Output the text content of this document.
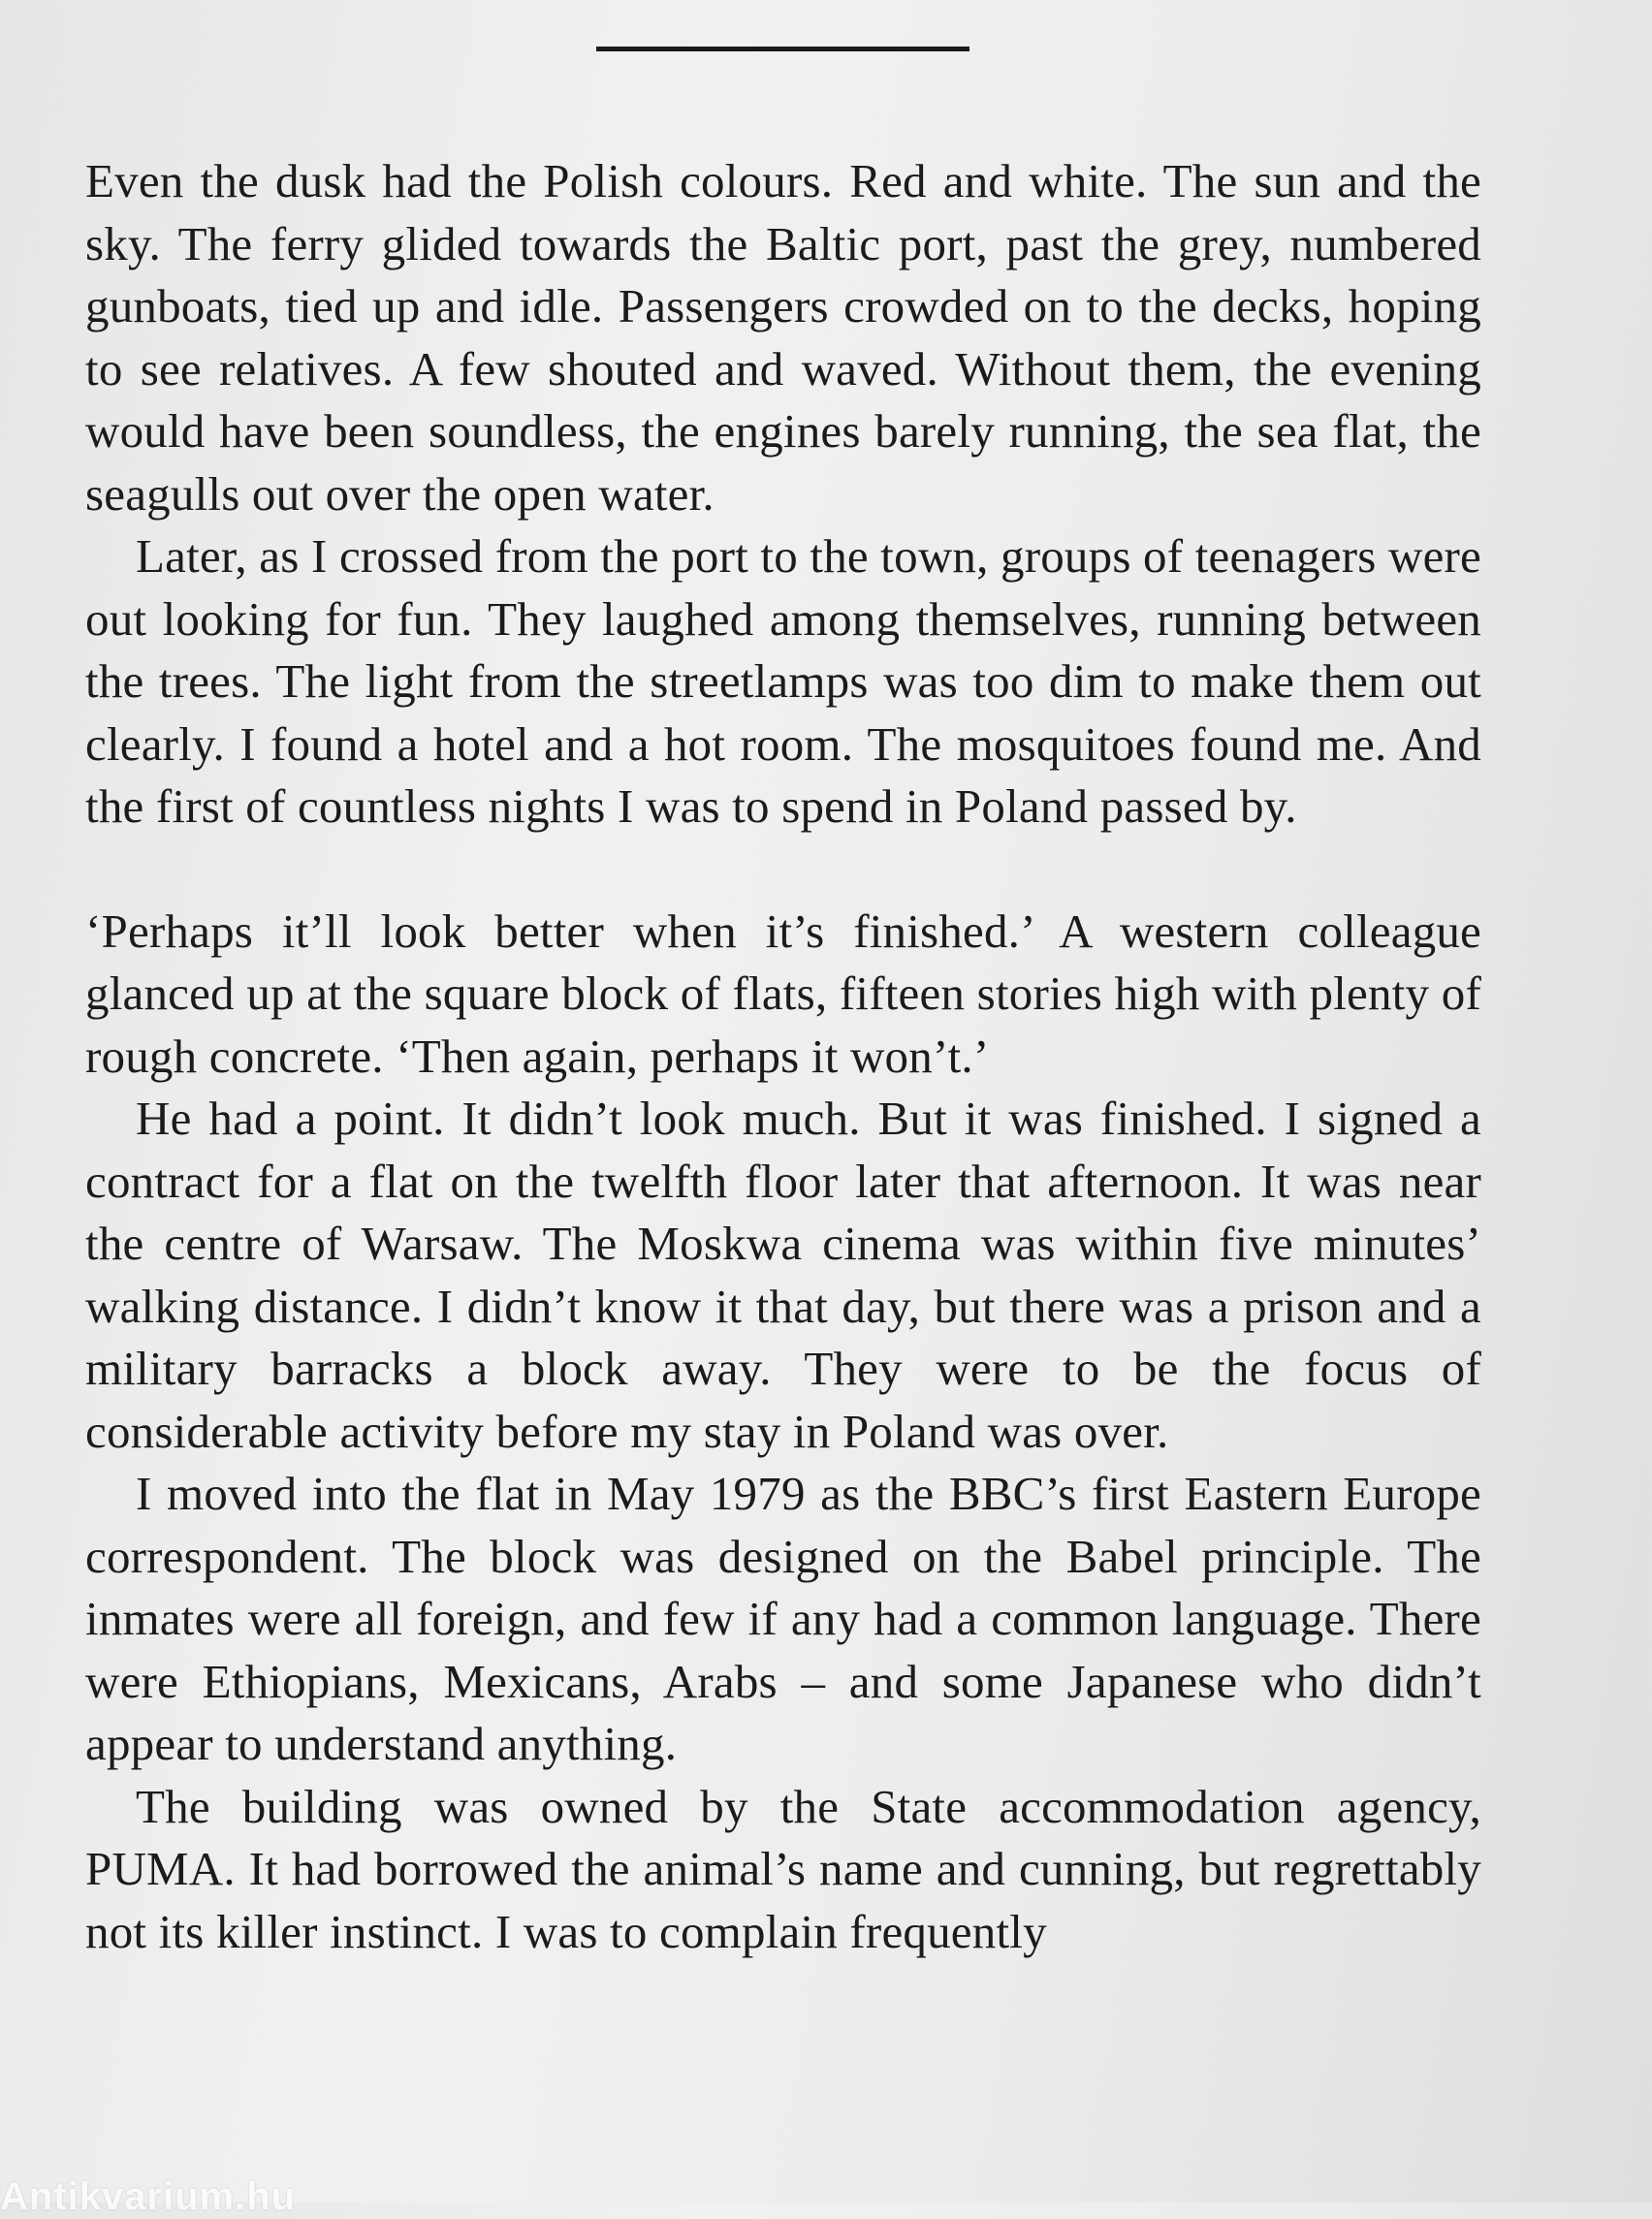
Even the dusk had the Polish colours. Red and white. The sun and the sky. The ferry glided towards the Baltic port, past the grey, numbered gunboats, tied up and idle. Passengers crowded on to the decks, hoping to see relatives. A few shouted and waved. Without them, the evening would have been soundless, the engines barely running, the sea flat, the seagulls out over the open water.

Later, as I crossed from the port to the town, groups of teenagers were out looking for fun. They laughed among themselves, running between the trees. The light from the streetlamps was too dim to make them out clearly. I found a hotel and a hot room. The mosquitoes found me. And the first of countless nights I was to spend in Poland passed by.

‘Perhaps it’ll look better when it’s finished.’ A western colleague glanced up at the square block of flats, fifteen stories high with plenty of rough concrete. ‘Then again, perhaps it won’t.’

He had a point. It didn’t look much. But it was finished. I signed a contract for a flat on the twelfth floor later that afternoon. It was near the centre of Warsaw. The Moskwa cinema was within five minutes’ walking distance. I didn’t know it that day, but there was a prison and a military barracks a block away. They were to be the focus of considerable activity before my stay in Poland was over.

I moved into the flat in May 1979 as the BBC’s first Eastern Europe correspondent. The block was designed on the Babel principle. The inmates were all foreign, and few if any had a common language. There were Ethiopians, Mexicans, Arabs – and some Japanese who didn’t appear to understand anything.

The building was owned by the State accommodation agency, PUMA. It had borrowed the animal’s name and cunning, but regrettably not its killer instinct. I was to complain frequently

Antikvarium.hu
